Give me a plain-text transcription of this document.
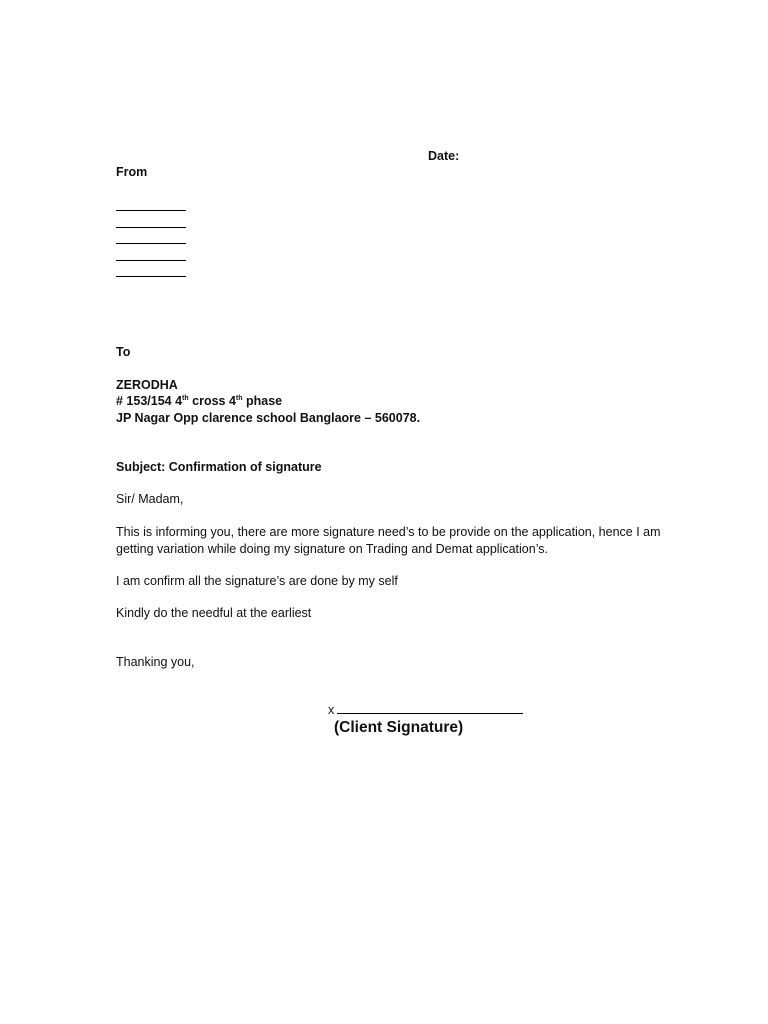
Date:
From
To
ZERODHA
# 153/154 4th cross 4th phase
JP Nagar Opp clarence school Banglaore – 560078.
Subject: Confirmation of signature
Sir/ Madam,
This is informing you, there are more signature need’s to be provide on the application, hence I am getting variation while doing my signature on Trading and Demat application’s.
I am confirm all the signature’s are done by my self
Kindly do the needful at the earliest
Thanking you,
x
(Client Signature)
